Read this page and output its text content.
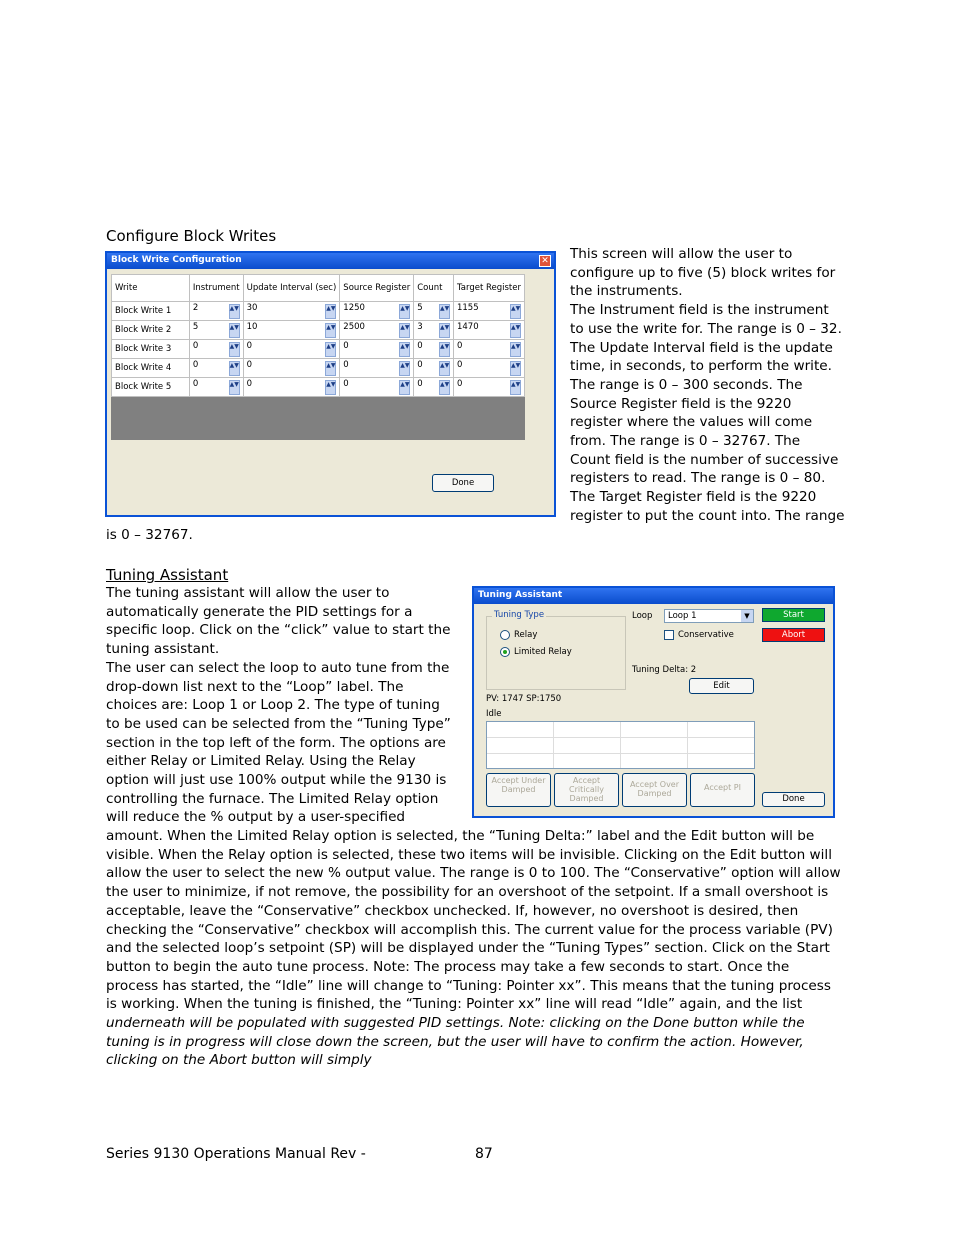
Configure Block Writes
Block Write Configuration	✕
Write	Instrument	Update Interval (sec)	Source Register	Count	Target Register
Block Write 1	2 ▲▼	30 ▲▼	1250 ▲▼	5 ▲▼	1155 ▲▼

Block Write 2	5 ▲▼	10 ▲▼	2500 ▲▼	3 ▲▼	1470 ▲▼

Block Write 3	0 ▲▼	0 ▲▼	0 ▲▼	0 ▲▼	0 ▲▼

Block Write 4	0 ▲▼	0 ▲▼	0 ▲▼	0 ▲▼	0 ▲▼

Block Write 5	0 ▲▼	0 ▲▼	0 ▲▼	0 ▲▼	0 ▲▼
Done
This screen will allow the user to
configure up to five (5) block writes for
the instruments.
The Instrument field is the instrument
to use the write for. The range is 0 – 32.
The Update Interval field is the update
time, in seconds, to perform the write.
The range is 0 – 300 seconds. The
Source Register field is the 9220
register where the values will come
from. The range is 0 – 32767. The
Count field is the number of successive
registers to read. The range is 0 – 80.
The Target Register field is the 9220
register to put the count into. The range
is 0 – 32767.
Tuning Assistant
The tuning assistant will allow the user to
automatically generate the PID settings for a
specific loop. Click on the “click” value to start the
tuning assistant.
The user can select the loop to auto tune from the
drop-down list next to the “Loop” label. The
choices are: Loop 1 or Loop 2. The type of tuning
to be used can be selected from the “Tuning Type”
section in the top left of the form. The options are
either Relay or Limited Relay. Using the Relay
option will just use 100% output while the 9130 is
controlling the furnace. The Limited Relay option
will reduce the % output by a user-specified
Tuning Assistant
Tuning Type
Relay
Limited Relay
Loop	Loop 1	▼
Conservative
Start
Abort
Tuning Delta: 2
Edit
PV: 1747 SP:1750
Idle
Accept Under Damped
Accept Critically Damped
Accept Over Damped
Accept PI
Done
amount. When the Limited Relay option is selected, the “Tuning Delta:” label and the Edit button will be
visible. When the Relay option is selected, these two items will be invisible. Clicking on the Edit button will
allow the user to select the new % output value. The range is 0 to 100. The “Conservative” option will allow
the user to minimize, if not remove, the possibility for an overshoot of the setpoint. If a small overshoot is
acceptable, leave the “Conservative” checkbox unchecked. If, however, no overshoot is desired, then
checking the “Conservative” checkbox will accomplish this. The current value for the process variable (PV)
and the selected loop’s setpoint (SP) will be displayed under the “Tuning Types” section. Click on the Start
button to begin the auto tune process. Note: The process may take a few seconds to start. Once the
process has started, the “Idle” line will change to “Tuning: Pointer xx”. This means that the tuning process
is working. When the tuning is finished, the “Tuning: Pointer xx” line will read “Idle” again, and the list
underneath will be populated with suggested PID settings. Note: clicking on the Done button while the
tuning is in progress will close down the screen, but the user will have to confirm the action. However,
clicking on the Abort button will simply
Series 9130 Operations Manual Rev -	87
